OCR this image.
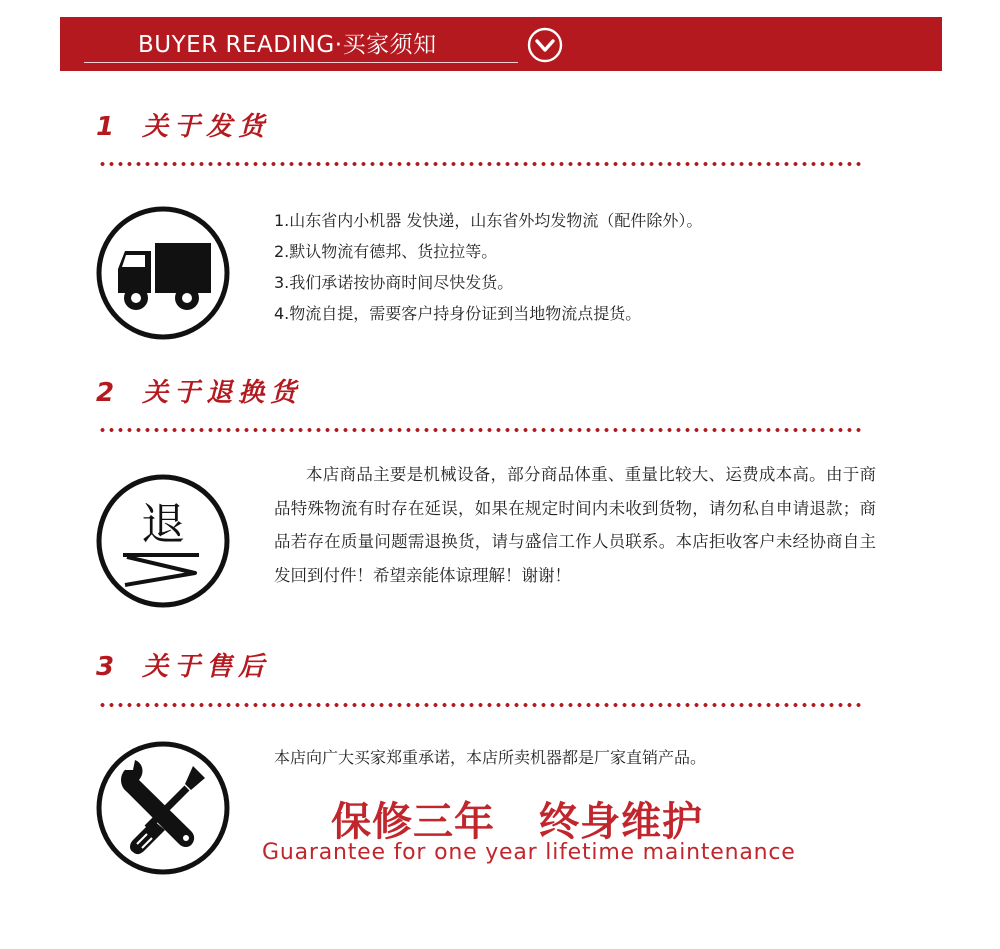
BUYER READING·买家须知
1 关于发货
1.山东省内小机器 发快递，山东省外均发物流（配件除外）。
2.默认物流有德邦、货拉拉等。
3.我们承诺按协商时间尽快发货。
4.物流自提，需要客户持身份证到当地物流点提货。
2 关于退换货
退

本店商品主要是机械设备，部分商品体重、重量比较大、运费成本高。由于商品特殊物流有时存在延误，如果在规定时间内未收到货物，请勿私自申请退款；商品若存在质量问题需退换货，请与盛信工作人员联系。本店拒收客户未经协商自主发回到付件！希望亲能体谅理解！谢谢！

3 关于售后
本店向广大买家郑重承诺，本店所卖机器都是厂家直销产品。
保修三年 终身维护
Guarantee for one year lifetime maintenance
